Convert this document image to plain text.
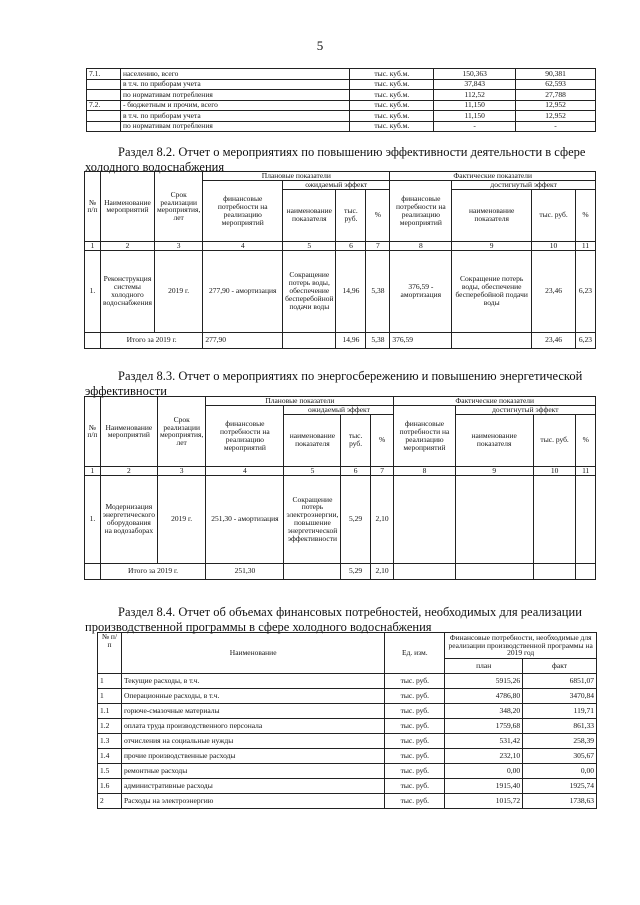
5
7.1.	населению, всего	тыс. куб.м.	150,363	90,381
	в т.ч. по приборам учета	тыс. куб.м.	37,843	62,593
	по нормативам потребления	тыс. куб.м.	112,52	27,788
7.2.	- бюджетным и прочим, всего	тыс. куб.м.	11,150	12,952
	в т.ч. по приборам учета	тыс. куб.м.	11,150	12,952
	по нормативам потребления	тыс. куб.м.	-	-
Раздел 8.2. Отчет о мероприятиях по повышению эффективности деятельности в сфере
холодного водоснабжения
№ п/п	Наименование мероприятий	Срок реализации мероприятия, лет	Плановые показатели				Фактические показатели			
			финансовые потребности на реализацию мероприятий	ожидаемый эффект			финансовые потребности на реализацию мероприятий	достигнутый эффект		
				наименование показателя	тыс. руб.	%		наименование показателя	тыс. руб.	%
1	2	3	4	5	6	7	8	9	10	11
1.	Реконструкция системы холодного водоснабжения	2019 г.	277,90 - амортизация	Сокращение потерь воды, обеспечение бесперебойной подачи воды	14,96	5,38	376,59 - амортизация	Сокращение потерь воды, обеспечение бесперебойной подачи воды	23,46	6,23
	Итого за 2019 г.		277,90		14,96	5,38	376,59		23,46	6,23
Раздел 8.3. Отчет о мероприятиях по энергосбережению и повышению энергетической
эффективности
№ п/п	Наименование мероприятий	Срок реализации мероприятия, лет	Плановые показатели				Фактические показатели			
			финансовые потребности на реализацию мероприятий	ожидаемый эффект			финансовые потребности на реализацию мероприятий	достигнутый эффект		
				наименование показателя	тыс. руб.	%		наименование показателя	тыс. руб.	%
1	2	3	4	5	6	7	8	9	10	11
1.	Модернизация энергетического оборудования на водозаборах	2019 г.	251,30 - амортизация	Сокращение потерь электроэнергии, повышение энергетической эффективности	5,29	2,10				
	Итого за 2019 г.		251,30		5,29	2,10				
Раздел 8.4. Отчет об объемах финансовых потребностей, необходимых для реализации
производственной программы в сфере холодного водоснабжения
№ п/п	Наименование	Ед. изм.	Финансовые потребности, необходимые для реализации производственной программы на 2019 год	
			план	факт
1	Текущие расходы, в т.ч.	тыс. руб.	5915,26	6851,07
1	Операционные расходы, в т.ч.	тыс. руб.	4786,80	3470,84
1.1	горюче-смазочные материалы	тыс. руб.	348,20	119,71
1.2	оплата труда производственного персонала	тыс. руб.	1759,68	861,33
1.3	отчисления на социальные нужды	тыс. руб.	531,42	258,39
1.4	прочие производственные расходы	тыс. руб.	232,10	305,67
1.5	ремонтные расходы	тыс. руб.	0,00	0,00
1.6	административные расходы	тыс. руб.	1915,40	1925,74
2	Расходы на электроэнергию	тыс. руб.	1015,72	1738,63
